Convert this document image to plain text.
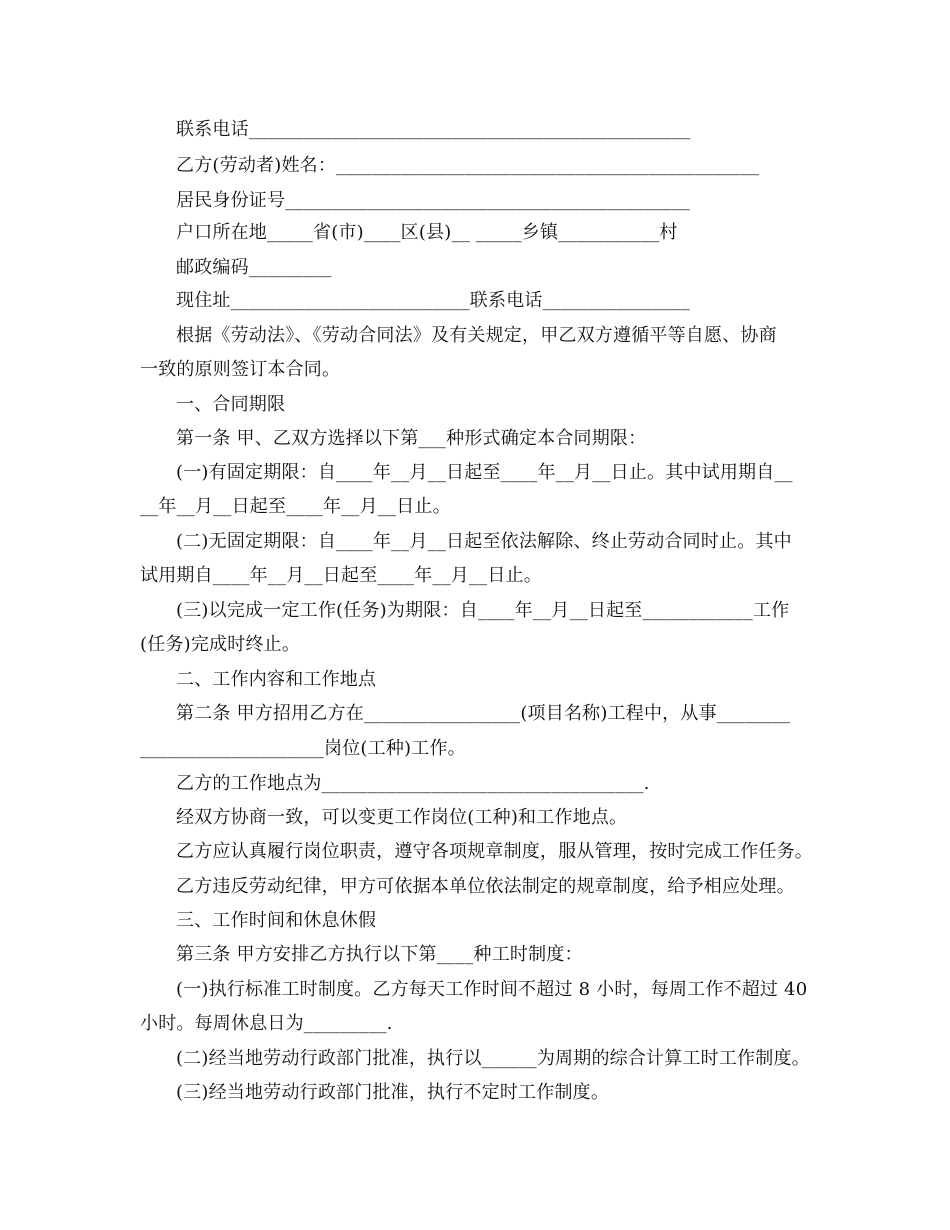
联系电话________________________________________________
乙方(劳动者)姓名：______________________________________________
居民身份证号____________________________________________
户口所在地_____省(市)____区(县)__ _____乡镇___________村
邮政编码_________
现住址__________________________联系电话________________
根据《劳动法》、《劳动合同法》及有关规定，甲乙双方遵循平等自愿、协商
一致的原则签订本合同。
一、合同期限
第一条 甲、乙双方选择以下第___种形式确定本合同期限：
(一)有固定期限：自____年__月__日起至____年__月__日止。其中试用期自__
__年__月__日起至____年__月__日止。
(二)无固定期限：自____年__月__日起至依法解除、终止劳动合同时止。其中
试用期自____年__月__日起至____年__月__日止。
(三)以完成一定工作(任务)为期限：自____年__月__日起至____________工作
(任务)完成时终止。
二、工作内容和工作地点
第二条 甲方招用乙方在_________________(项目名称)工程中，从事________
____________________岗位(工种)工作。
乙方的工作地点为___________________________________.
经双方协商一致，可以变更工作岗位(工种)和工作地点。
乙方应认真履行岗位职责，遵守各项规章制度，服从管理，按时完成工作任务。
乙方违反劳动纪律，甲方可依据本单位依法制定的规章制度，给予相应处理。
三、工作时间和休息休假
第三条 甲方安排乙方执行以下第____种工时制度：
(一)执行标准工时制度。乙方每天工作时间不超过 8 小时，每周工作不超过 40
小时。每周休息日为_________.
(二)经当地劳动行政部门批准，执行以______为周期的综合计算工时工作制度。
(三)经当地劳动行政部门批准，执行不定时工作制度。
